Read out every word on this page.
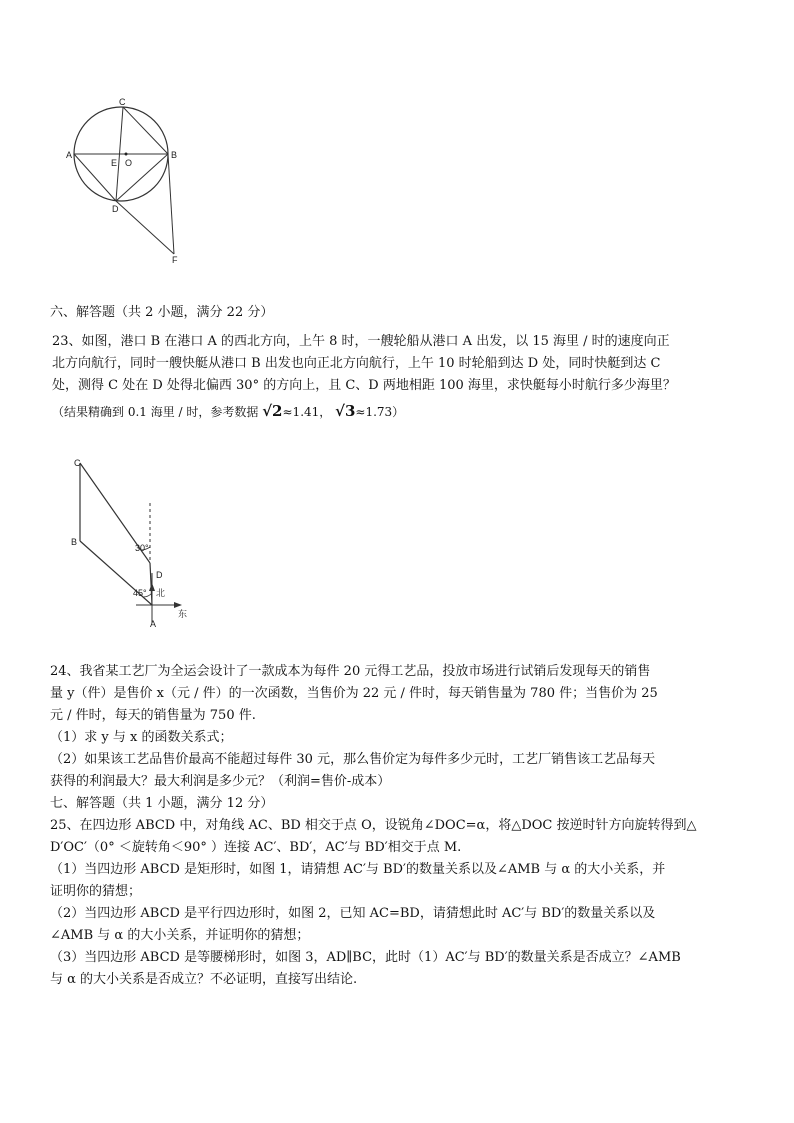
C
A
E O
B
D
F
六、解答题（共 2 小题，满分 22 分）
23、如图，港口 B 在港口 A 的西北方向，上午 8 时，一艘轮船从港口 A 出发，以 15 海里 / 时的速度向正
北方向航行，同时一艘快艇从港口 B 出发也向正北方向航行，上午 10 时轮船到达 D 处，同时快艇到达 C
处，测得 C 处在 D 处得北偏西 30° 的方向上，且 C、D 两地相距 100 海里，求快艇每小时航行多少海里？
（结果精确到 0.1 海里 / 时，参考数据 √2≈1.41， √3≈1.73）
C
B
30°
D
45° 北
东
A
24、我省某工艺厂为全运会设计了一款成本为每件 20 元得工艺品，投放市场进行试销后发现每天的销售
量 y（件）是售价 x（元 / 件）的一次函数，当售价为 22 元 / 件时，每天销售量为 780 件；当售价为 25
元 / 件时，每天的销售量为 750 件.
（1）求 y 与 x 的函数关系式；
（2）如果该工艺品售价最高不能超过每件 30 元，那么售价定为每件多少元时，工艺厂销售该工艺品每天
获得的利润最大？最大利润是多少元？（利润=售价-成本）
七、解答题（共 1 小题，满分 12 分）
25、在四边形 ABCD 中，对角线 AC、BD 相交于点 O，设锐角∠DOC=α，将△DOC 按逆时针方向旋转得到△
D′OC′（0° ＜旋转角＜90° ）连接 AC′、BD′，AC′与 BD′相交于点 M.
（1）当四边形 ABCD 是矩形时，如图 1，请猜想 AC′与 BD′的数量关系以及∠AMB 与 α 的大小关系，并
证明你的猜想；
（2）当四边形 ABCD 是平行四边形时，如图 2，已知 AC=BD，请猜想此时 AC′与 BD′的数量关系以及
∠AMB 与 α 的大小关系，并证明你的猜想；
（3）当四边形 ABCD 是等腰梯形时，如图 3，AD∥BC，此时（1）AC′与 BD′的数量关系是否成立？∠AMB
与 α 的大小关系是否成立？不必证明，直接写出结论.
